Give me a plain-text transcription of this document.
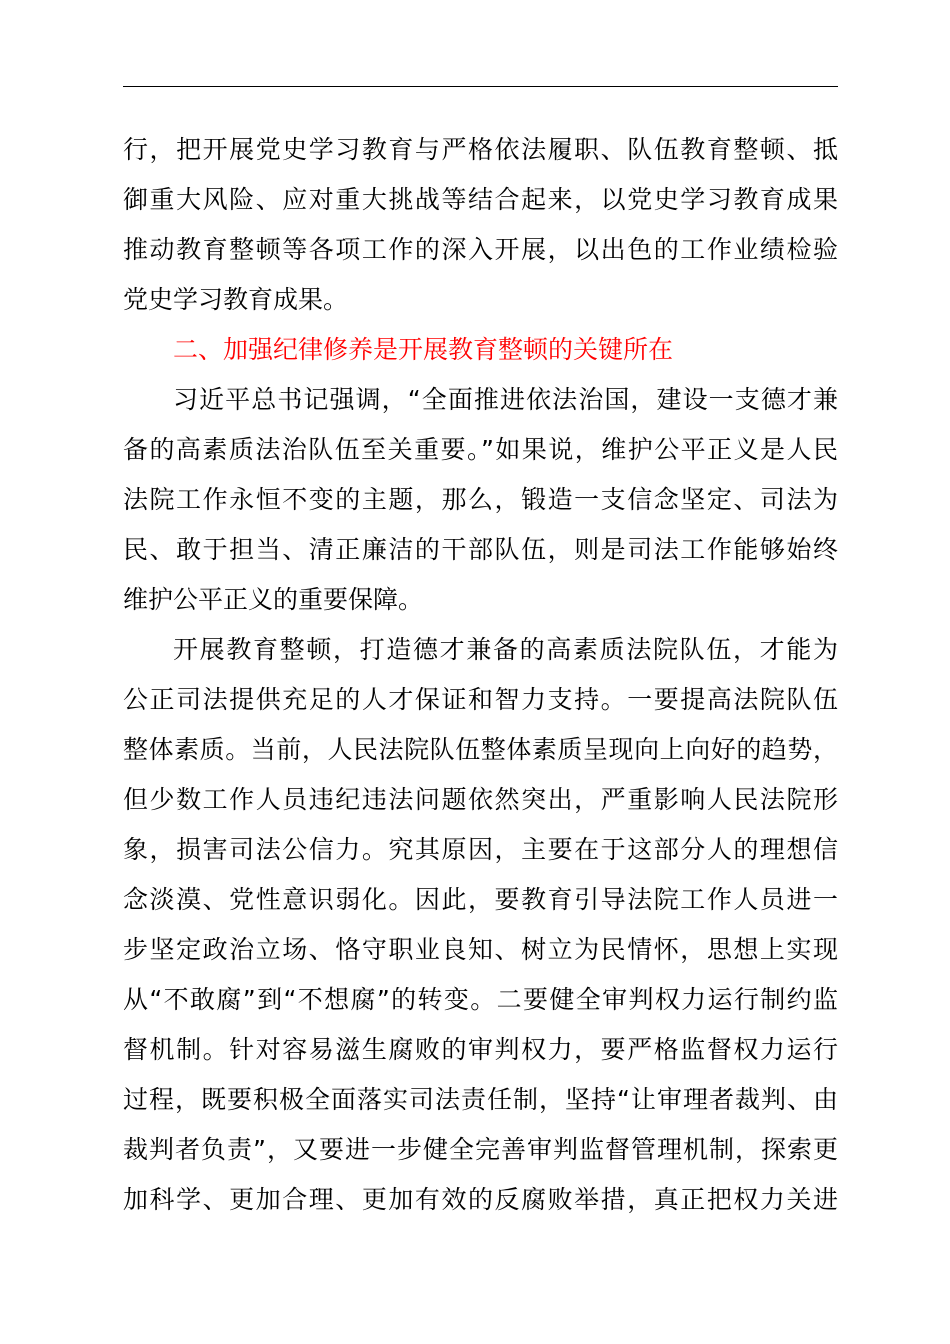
行，把开展党史学习教育与严格依法履职、队伍教育整顿、抵
御重大风险、应对重大挑战等结合起来，以党史学习教育成果
推动教育整顿等各项工作的深入开展，以出色的工作业绩检验
党史学习教育成果。
二、加强纪律修养是开展教育整顿的关键所在
习近平总书记强调，“全面推进依法治国，建设一支德才兼
备的高素质法治队伍至关重要。”如果说，维护公平正义是人民
法院工作永恒不变的主题，那么，锻造一支信念坚定、司法为
民、敢于担当、清正廉洁的干部队伍，则是司法工作能够始终
维护公平正义的重要保障。
开展教育整顿，打造德才兼备的高素质法院队伍，才能为
公正司法提供充足的人才保证和智力支持。一要提高法院队伍
整体素质。当前，人民法院队伍整体素质呈现向上向好的趋势，
但少数工作人员违纪违法问题依然突出，严重影响人民法院形
象，损害司法公信力。究其原因，主要在于这部分人的理想信
念淡漠、党性意识弱化。因此，要教育引导法院工作人员进一
步坚定政治立场、恪守职业良知、树立为民情怀，思想上实现
从“不敢腐”到“不想腐”的转变。二要健全审判权力运行制约监
督机制。针对容易滋生腐败的审判权力，要严格监督权力运行
过程，既要积极全面落实司法责任制，坚持“让审理者裁判、由
裁判者负责”，又要进一步健全完善审判监督管理机制，探索更
加科学、更加合理、更加有效的反腐败举措，真正把权力关进
